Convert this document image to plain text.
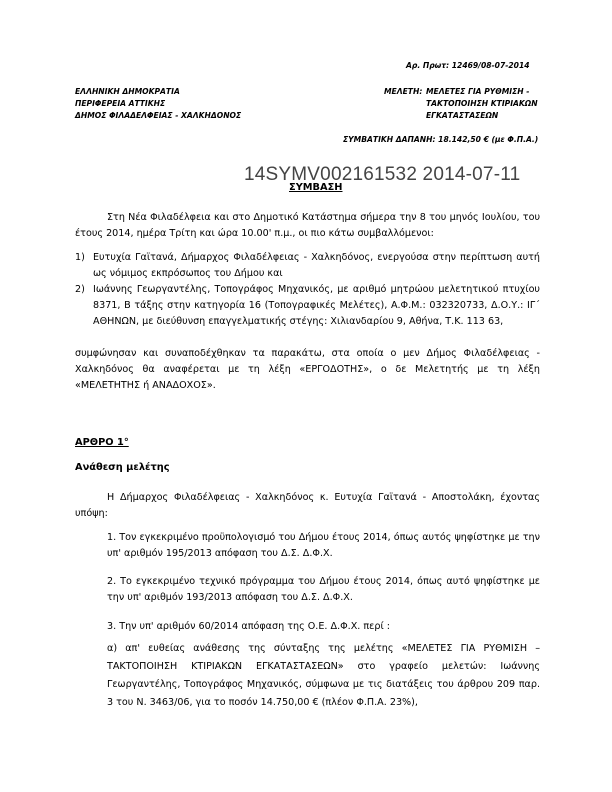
Αρ. Πρωτ: 12469/08-07-2014
ΕΛΛΗΝΙΚΗ ΔΗΜΟΚΡΑΤΙΑ
ΠΕΡΙΦΕΡΕΙΑ ΑΤΤΙΚΗΣ
ΔΗΜΟΣ ΦΙΛΑΔΕΛΦΕΙΑΣ - ΧΑΛΚΗΔΟΝΟΣ
ΜΕΛΕΤΗ: ΜΕΛΕΤΕΣ ΓΙΑ ΡΥΘΜΙΣΗ -
ΤΑΚΤΟΠΟΙΗΣΗ ΚΤΙΡΙΑΚΩΝ
ΕΓΚΑΤΑΣΤΑΣΕΩΝ
ΣΥΜΒΑΤΙΚΗ ΔΑΠΑΝΗ: 18.142,50 € (με Φ.Π.Α.)
14SYMV002161532 2014-07-11
ΣΥΜΒΑΣΗ
Στη Νέα Φιλαδέλφεια και στο Δημοτικό Κατάστημα σήμερα την 8 του μηνός Ιουλίου, του έτους 2014, ημέρα Τρίτη και ώρα 10.00' π.μ., οι πιο κάτω συμβαλλόμενοι:
1) Ευτυχία Γαϊτανά, Δήμαρχος Φιλαδέλφειας - Χαλκηδόνος, ενεργούσα στην περίπτωση αυτή ως νόμιμος εκπρόσωπος του Δήμου και
2) Ιωάννης Γεωργαντέλης, Τοπογράφος Μηχανικός, με αριθμό μητρώου μελετητικού πτυχίου 8371, Β τάξης στην κατηγορία 16 (Τοπογραφικές Μελέτες), Α.Φ.Μ.: 032320733, Δ.Ο.Υ.: ΙΓ΄ ΑΘΗΝΩΝ, με διεύθυνση επαγγελματικής στέγης: Χιλιανδαρίου 9, Αθήνα, Τ.Κ. 113 63,
συμφώνησαν και συναποδέχθηκαν τα παρακάτω, στα οποία ο μεν Δήμος Φιλαδέλφειας - Χαλκηδόνος θα αναφέρεται με τη λέξη «ΕΡΓΟΔΟΤΗΣ», ο δε Μελετητής με τη λέξη «ΜΕΛΕΤΗΤΗΣ ή ΑΝΑΔΟΧΟΣ».
ΑΡΘΡΟ 1°
Ανάθεση μελέτης
Η Δήμαρχος Φιλαδέλφειας - Χαλκηδόνος κ. Ευτυχία Γαϊτανά - Αποστολάκη, έχοντας υπόψη:
1. Τον εγκεκριμένο προϋπολογισμό του Δήμου έτους 2014, όπως αυτός ψηφίστηκε με την υπ' αριθμόν 195/2013 απόφαση του Δ.Σ. Δ.Φ.Χ.
2. Το εγκεκριμένο τεχνικό πρόγραμμα του Δήμου έτους 2014, όπως αυτό ψηφίστηκε με την υπ' αριθμόν 193/2013 απόφαση του Δ.Σ. Δ.Φ.Χ.
3. Την υπ' αριθμόν 60/2014 απόφαση της Ο.Ε. Δ.Φ.Χ. περί :
α) απ' ευθείας ανάθεσης της σύνταξης της μελέτης «ΜΕΛΕΤΕΣ ΓΙΑ ΡΥΘΜΙΣΗ – ΤΑΚΤΟΠΟΙΗΣΗ ΚΤΙΡΙΑΚΩΝ ΕΓΚΑΤΑΣΤΑΣΕΩΝ» στο γραφείο μελετών: Ιωάννης Γεωργαντέλης, Τοπογράφος Μηχανικός, σύμφωνα με τις διατάξεις του άρθρου 209 παρ. 3 του Ν. 3463/06, για το ποσόν 14.750,00 € (πλέον Φ.Π.Α. 23%),
